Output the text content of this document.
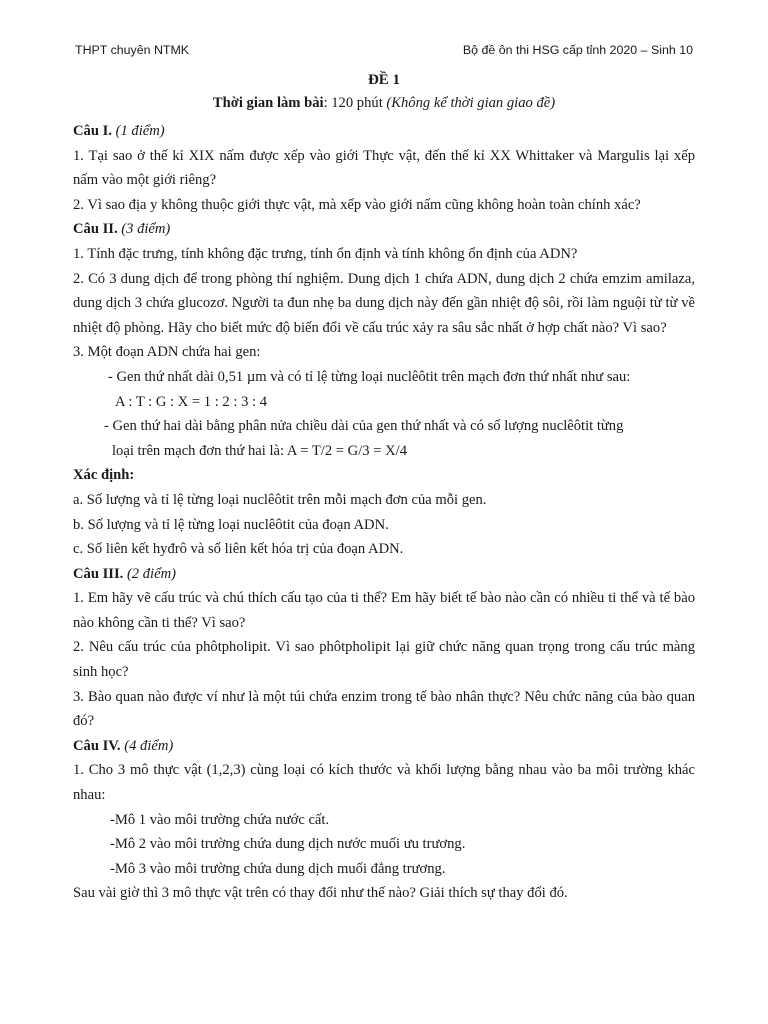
THPT chuyên NTMK	Bộ đề ôn thi HSG cấp tỉnh 2020 – Sinh 10
ĐỀ 1
Thời gian làm bài: 120 phút (Không kể thời gian giao đề)

Câu I. (1 điểm)

1. Tại sao ở thế kỉ XIX nấm được xếp vào giới Thực vật, đến thế kỉ XX Whittaker và Margulis lại xếp nấm vào một giới riêng?

2. Vì sao địa y không thuộc giới thực vật, mà xếp vào giới nấm cũng không hoàn toàn chính xác?

Câu II. (3 điểm)

1. Tính đặc trưng, tính không đặc trưng, tính ổn định và tính không ổn định của ADN?

2. Có 3 dung dịch để trong phòng thí nghiệm. Dung dịch 1 chứa ADN, dung dịch 2 chứa emzim amilaza, dung dịch 3 chứa glucozơ. Người ta đun nhẹ ba dung dịch này đến gần nhiệt độ sôi, rồi làm nguội từ từ về nhiệt độ phòng. Hãy cho biết mức độ biến đổi về cấu trúc xảy ra sâu sắc nhất ở hợp chất nào? Vì sao?

3. Một đoạn ADN chứa hai gen:

- Gen thứ nhất dài 0,51 µm và có tỉ lệ từng loại nuclêôtit trên mạch đơn thứ nhất như sau:

A : T : G : X = 1 : 2 : 3 : 4

- Gen thứ hai dài bằng phân nửa chiều dài của gen thứ nhất và có số lượng nuclêôtit từng

loại trên mạch đơn thứ hai là: A = T/2 = G/3 = X/4

Xác định:

a. Số lượng và tỉ lệ từng loại nuclêôtit trên mỗi mạch đơn của mỗi gen.

b. Số lượng và tỉ lệ từng loại nuclêôtit của đoạn ADN.

c. Số liên kết hyđrô và số liên kết hóa trị của đoạn ADN.

Câu III. (2 điểm)

1. Em hãy vẽ cấu trúc và chú thích cấu tạo của ti thể? Em hãy biết tế bào nào cần có nhiều ti thể và tế bào nào không cần ti thể? Vì sao?

2. Nêu cấu trúc của phôtpholipit. Vì sao phôtpholipit lại giữ chức năng quan trọng trong cấu trúc màng sinh học?

3. Bào quan nào được ví như là một túi chứa enzim trong tế bào nhân thực? Nêu chức năng của bào quan đó?

Câu IV. (4 điểm)

1. Cho 3 mô thực vật (1,2,3) cùng loại có kích thước và khối lượng bằng nhau vào ba môi trường khác nhau:

-Mô 1 vào môi trường chứa nước cất.

-Mô 2 vào môi trường chứa dung dịch nước muối ưu trương.

-Mô 3 vào môi trường chứa dung dịch muối đẳng trương.

Sau vài giờ thì 3 mô thực vật trên có thay đổi như thế nào? Giải thích sự thay đổi đó.
